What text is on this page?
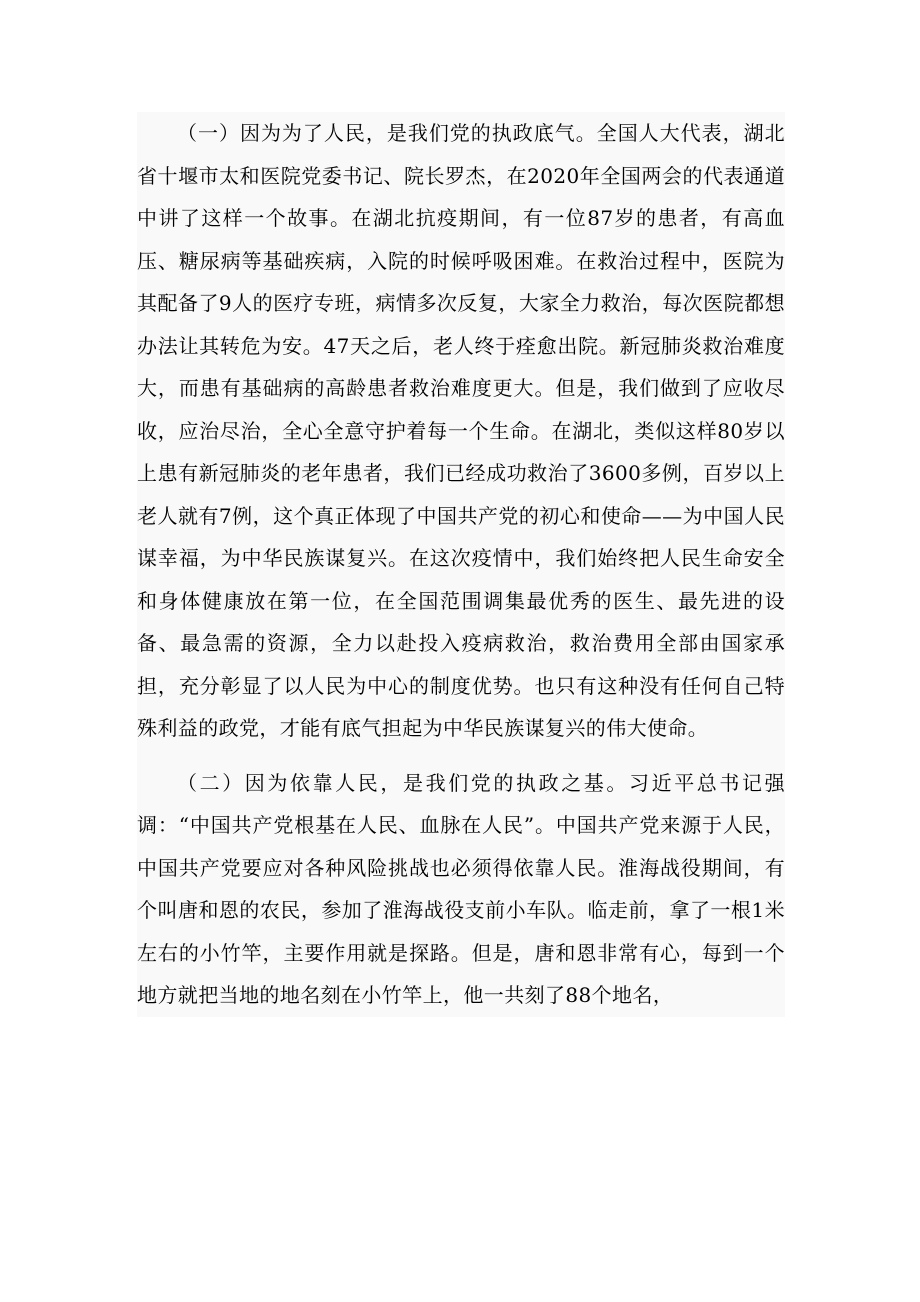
（一）因为为了人民，是我们党的执政底气。全国人大代表，湖北省十堰市太和医院党委书记、院长罗杰，在2020年全国两会的代表通道中讲了这样一个故事。在湖北抗疫期间，有一位87岁的患者，有高血压、糖尿病等基础疾病，入院的时候呼吸困难。在救治过程中，医院为其配备了9人的医疗专班，病情多次反复，大家全力救治，每次医院都想办法让其转危为安。47天之后，老人终于痊愈出院。新冠肺炎救治难度大，而患有基础病的高龄患者救治难度更大。但是，我们做到了应收尽收，应治尽治，全心全意守护着每一个生命。在湖北，类似这样80岁以上患有新冠肺炎的老年患者，我们已经成功救治了3600多例，百岁以上老人就有7例，这个真正体现了中国共产党的初心和使命——为中国人民谋幸福，为中华民族谋复兴。在这次疫情中，我们始终把人民生命安全和身体健康放在第一位，在全国范围调集最优秀的医生、最先进的设备、最急需的资源，全力以赴投入疫病救治，救治费用全部由国家承担，充分彰显了以人民为中心的制度优势。也只有这种没有任何自己特殊利益的政党，才能有底气担起为中华民族谋复兴的伟大使命。

（二）因为依靠人民，是我们党的执政之基。习近平总书记强调：“中国共产党根基在人民、血脉在人民”。中国共产党来源于人民，中国共产党要应对各种风险挑战也必须得依靠人民。淮海战役期间，有个叫唐和恩的农民，参加了淮海战役支前小车队。临走前，拿了一根1米左右的小竹竿，主要作用就是探路。但是，唐和恩非常有心，每到一个地方就把当地的地名刻在小竹竿上，他一共刻了88个地名，
